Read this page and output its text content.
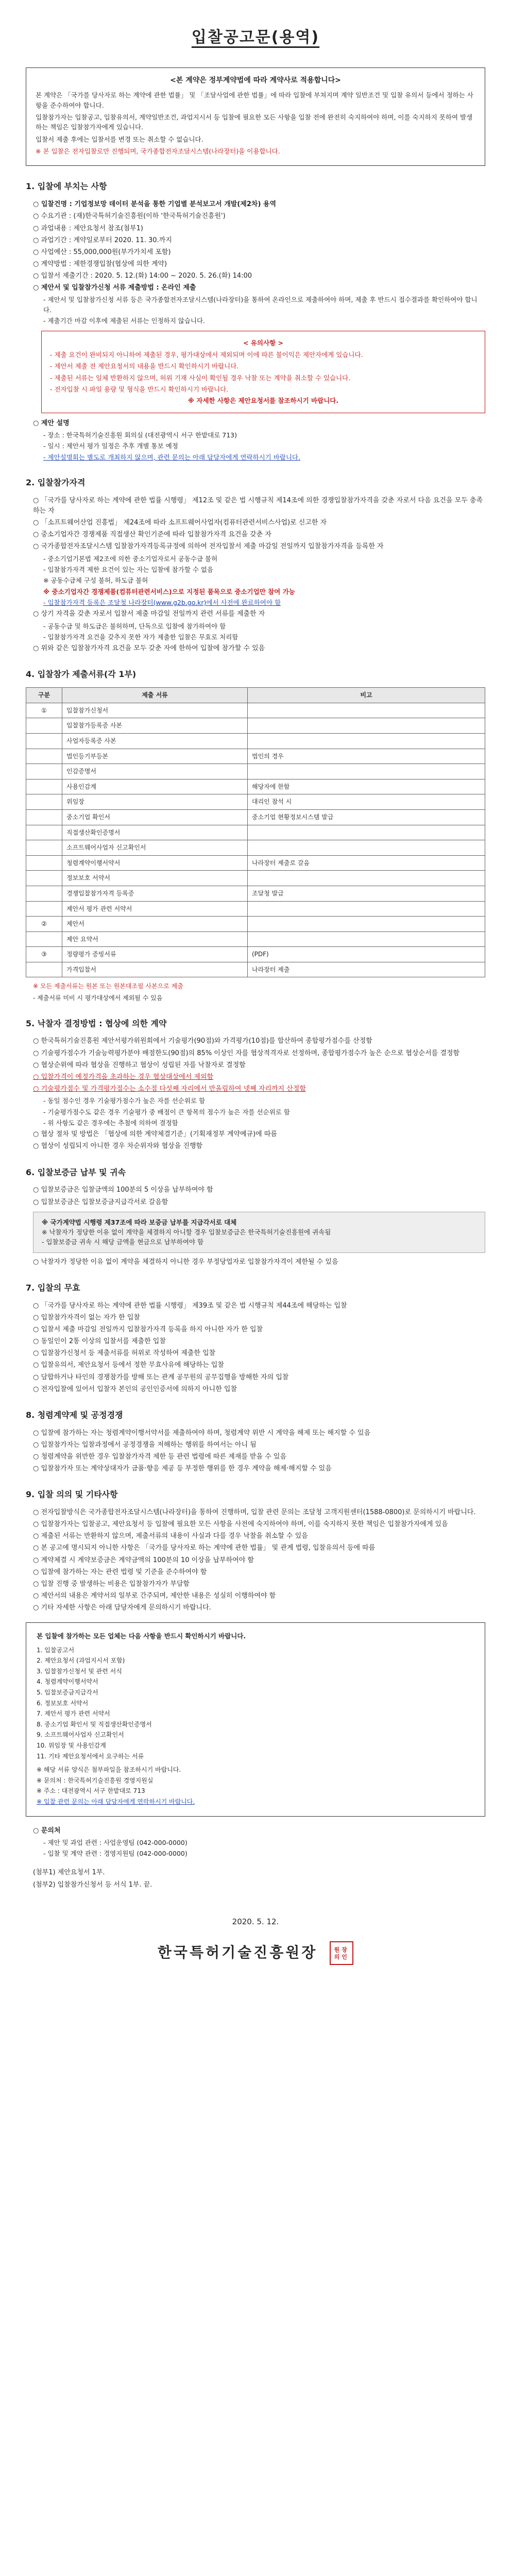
입찰공고문(용역)
<본 계약은 정부계약법에 따라 계약사로 적용합니다>

본 계약은 「국가를 당사자로 하는 계약에 관한 법률」 및 「조달사업에 관한 법률」에 따라 입찰에 부쳐지며 계약 일반조건 및 입찰 유의서 등에서 정하는 사항을 준수하여야 합니다.

입찰참가자는 입찰공고, 입찰유의서, 계약일반조건, 과업지시서 등 입찰에 필요한 모든 사항을 입찰 전에 완전히 숙지하여야 하며, 이를 숙지하지 못하여 발생하는 책임은 입찰참가자에게 있습니다.

입찰서 제출 후에는 입찰서를 변경 또는 취소할 수 없습니다.

※ 본 입찰은 전자입찰로만 진행되며, 국가종합전자조달시스템(나라장터)을 이용합니다.

1. 입찰에 부치는 사항
○ 입찰건명 : 기업정보망 데이터 분석을 통한 기업별 분석보고서 개발(제2차) 용역
○ 수요기관 : (재)한국특허기술진흥원(이하 '한국특허기술진흥원')
○ 과업내용 : 제안요청서 참조(첨부1)
○ 과업기간 : 계약일로부터 2020. 11. 30.까지
○ 사업예산 : 55,000,000원(부가가치세 포함)
○ 계약방법 : 제한경쟁입찰(협상에 의한 계약)
○ 입찰서 제출기간 : 2020. 5. 12.(화) 14:00 ~ 2020. 5. 26.(화) 14:00
○ 제안서 및 입찰참가신청 서류 제출방법 : 온라인 제출
- 제안서 및 입찰참가신청 서류 등은 국가종합전자조달시스템(나라장터)을 통하여 온라인으로 제출하여야 하며, 제출 후 반드시 접수결과를 확인하여야 합니다.
- 제출기간 마감 이후에 제출된 서류는 인정하지 않습니다.

< 유의사항 >

- 제출 요건이 완비되지 아니하여 제출된 경우, 평가대상에서 제외되며 이에 따른 불이익은 제안자에게 있습니다.

- 제안서 제출 전 제안요청서의 내용을 반드시 확인하시기 바랍니다.

- 제출된 서류는 일체 반환하지 않으며, 허위 기재 사실이 확인될 경우 낙찰 또는 계약을 취소할 수 있습니다.

- 전자입찰 시 파일 용량 및 형식을 반드시 확인하시기 바랍니다.

※ 자세한 사항은 제안요청서를 참조하시기 바랍니다.

○ 제안 설명
- 장소 : 한국특허기술진흥원 회의실 (대전광역시 서구 한밭대로 713)
- 일시 : 제안서 평가 일정은 추후 개별 통보 예정
- 제안설명회는 별도로 개최하지 않으며, 관련 문의는 아래 담당자에게 연락하시기 바랍니다.
2. 입찰참가자격
○ 「국가를 당사자로 하는 계약에 관한 법률 시행령」 제12조 및 같은 법 시행규칙 제14조에 의한 경쟁입찰참가자격을 갖춘 자로서 다음 요건을 모두 충족하는 자
○ 「소프트웨어산업 진흥법」 제24조에 따라 소프트웨어사업자(컴퓨터관련서비스사업)로 신고한 자
○ 중소기업자간 경쟁제품 직접생산 확인기준에 따라 입찰참가자격 요건을 갖춘 자
○ 국가종합전자조달시스템 입찰참가자격등록규정에 의하여 전자입찰서 제출 마감일 전일까지 입찰참가자격을 등록한 자
- 중소기업기본법 제2조에 의한 중소기업자로서 공동수급 불허
- 입찰참가자격 제한 요건이 있는 자는 입찰에 참가할 수 없음
※ 공동수급체 구성 불허, 하도급 불허
※ 중소기업자간 경쟁제품(컴퓨터관련서비스)으로 지정된 품목으로 중소기업만 참여 가능
- 입찰참가자격 등록은 조달청 나라장터(www.g2b.go.kr)에서 사전에 완료하여야 함
○ 상기 자격을 갖춘 자로서 입찰서 제출 마감일 전일까지 관련 서류를 제출한 자
- 공동수급 및 하도급은 불허하며, 단독으로 입찰에 참가하여야 함
- 입찰참가자격 요건을 갖추지 못한 자가 제출한 입찰은 무효로 처리함
○ 위와 같은 입찰참가자격 요건을 모두 갖춘 자에 한하여 입찰에 참가할 수 있음
4. 입찰참가 제출서류(각 1부)
구분	제출 서류	비고
①	입찰참가신청서	
	입찰참가등록증 사본	
	사업자등록증 사본	
	법인등기부등본	법인의 경우
	인감증명서	
	사용인감계	해당자에 한함
	위임장	대리인 참석 시
	중소기업 확인서	중소기업 현황정보시스템 발급
	직접생산확인증명서	
	소프트웨어사업자 신고확인서	
	청렴계약이행서약서	나라장터 제출로 갈음
	정보보호 서약서	
	경쟁입찰참가자격 등록증	조달청 발급
	제안서 평가 관련 서약서	
②	제안서	
	제안 요약서	
③	정량평가 증빙서류	(PDF)
	가격입찰서	나라장터 제출
※ 모든 제출서류는 원본 또는 원본대조필 사본으로 제출
- 제출서류 미비 시 평가대상에서 제외될 수 있음
5. 낙찰자 결정방법 : 협상에 의한 계약
○ 한국특허기술진흥원 제안서평가위원회에서 기술평가(90점)와 가격평가(10점)를 합산하여 종합평가점수를 산정함
○ 기술평가점수가 기술능력평가분야 배점한도(90점)의 85% 이상인 자를 협상적격자로 선정하며, 종합평가점수가 높은 순으로 협상순서를 결정함
○ 협상순위에 따라 협상을 진행하고 협상이 성립된 자를 낙찰자로 결정함
○ 입찰가격이 예정가격을 초과하는 경우 협상대상에서 제외함
○ 기술평가점수 및 가격평가점수는 소수점 다섯째 자리에서 반올림하여 넷째 자리까지 산정함
- 동일 점수인 경우 기술평가점수가 높은 자를 선순위로 함
- 기술평가점수도 같은 경우 기술평가 중 배점이 큰 항목의 점수가 높은 자를 선순위로 함
- 위 사항도 같은 경우에는 추첨에 의하여 결정함
○ 협상 절차 및 방법은 「협상에 의한 계약체결기준」(기획재정부 계약예규)에 따름
○ 협상이 성립되지 아니한 경우 차순위자와 협상을 진행함
6. 입찰보증금 납부 및 귀속
○ 입찰보증금은 입찰금액의 100분의 5 이상을 납부하여야 함
○ 입찰보증금은 입찰보증금지급각서로 갈음함

※ 국가계약법 시행령 제37조에 따라 보증금 납부를 지급각서로 대체

※ 낙찰자가 정당한 이유 없이 계약을 체결하지 아니할 경우 입찰보증금은 한국특허기술진흥원에 귀속됨

- 입찰보증금 귀속 시 해당 금액을 현금으로 납부하여야 함

○ 낙찰자가 정당한 이유 없이 계약을 체결하지 아니한 경우 부정당업자로 입찰참가자격이 제한될 수 있음
7. 입찰의 무효
○ 「국가를 당사자로 하는 계약에 관한 법률 시행령」 제39조 및 같은 법 시행규칙 제44조에 해당하는 입찰
○ 입찰참가자격이 없는 자가 한 입찰
○ 입찰서 제출 마감일 전일까지 입찰참가자격 등록을 하지 아니한 자가 한 입찰
○ 동일인이 2통 이상의 입찰서를 제출한 입찰
○ 입찰참가신청서 등 제출서류를 허위로 작성하여 제출한 입찰
○ 입찰유의서, 제안요청서 등에서 정한 무효사유에 해당하는 입찰
○ 담합하거나 타인의 경쟁참가를 방해 또는 관계 공무원의 공무집행을 방해한 자의 입찰
○ 전자입찰에 있어서 입찰자 본인의 공인인증서에 의하지 아니한 입찰
8. 청렴계약제 및 공정경쟁
○ 입찰에 참가하는 자는 청렴계약이행서약서를 제출하여야 하며, 청렴계약 위반 시 계약을 해제 또는 해지할 수 있음
○ 입찰참가자는 입찰과정에서 공정경쟁을 저해하는 행위를 하여서는 아니 됨
○ 청렴계약을 위반한 경우 입찰참가자격 제한 등 관련 법령에 따른 제재를 받을 수 있음
○ 입찰참가자 또는 계약상대자가 금품·향응 제공 등 부정한 행위를 한 경우 계약을 해제·해지할 수 있음
9. 입찰 의의 및 기타사항
○ 전자입찰방식은 국가종합전자조달시스템(나라장터)을 통하여 진행하며, 입찰 관련 문의는 조달청 고객지원센터(1588-0800)로 문의하시기 바랍니다.
○ 입찰참가자는 입찰공고, 제안요청서 등 입찰에 필요한 모든 사항을 사전에 숙지하여야 하며, 이를 숙지하지 못한 책임은 입찰참가자에게 있음
○ 제출된 서류는 반환하지 않으며, 제출서류의 내용이 사실과 다를 경우 낙찰을 취소할 수 있음
○ 본 공고에 명시되지 아니한 사항은 「국가를 당사자로 하는 계약에 관한 법률」 및 관계 법령, 입찰유의서 등에 따름
○ 계약체결 시 계약보증금은 계약금액의 100분의 10 이상을 납부하여야 함
○ 입찰에 참가하는 자는 관련 법령 및 기준을 준수하여야 함
○ 입찰 진행 중 발생하는 비용은 입찰참가자가 부담함
○ 제안서의 내용은 계약서의 일부로 간주되며, 제안한 내용은 성실히 이행하여야 함
○ 기타 자세한 사항은 아래 담당자에게 문의하시기 바랍니다.
본 입찰에 참가하는 모든 업체는 다음 사항을 반드시 확인하시기 바랍니다.

1. 입찰공고서

2. 제안요청서 (과업지시서 포함)

3. 입찰참가신청서 및 관련 서식

4. 청렴계약이행서약서

5. 입찰보증금지급각서

6. 정보보호 서약서

7. 제안서 평가 관련 서약서

8. 중소기업 확인서 및 직접생산확인증명서

9. 소프트웨어사업자 신고확인서

10. 위임장 및 사용인감계

11. 기타 제안요청서에서 요구하는 서류

※ 해당 서류 양식은 첨부파일을 참조하시기 바랍니다.

※ 문의처 : 한국특허기술진흥원 경영지원실

※ 주소 : 대전광역시 서구 한밭대로 713

※ 입찰 관련 문의는 아래 담당자에게 연락하시기 바랍니다.

○ 문의처
- 제안 및 과업 관련 : 사업운영팀 (042-000-0000)
- 입찰 및 계약 관련 : 경영지원팀 (042-000-0000)
(첨부1) 제안요청서 1부.
(첨부2) 입찰참가신청서 등 서식 1부. 끝.
2020. 5. 12.
한국특허기술진흥원장	원장의인
